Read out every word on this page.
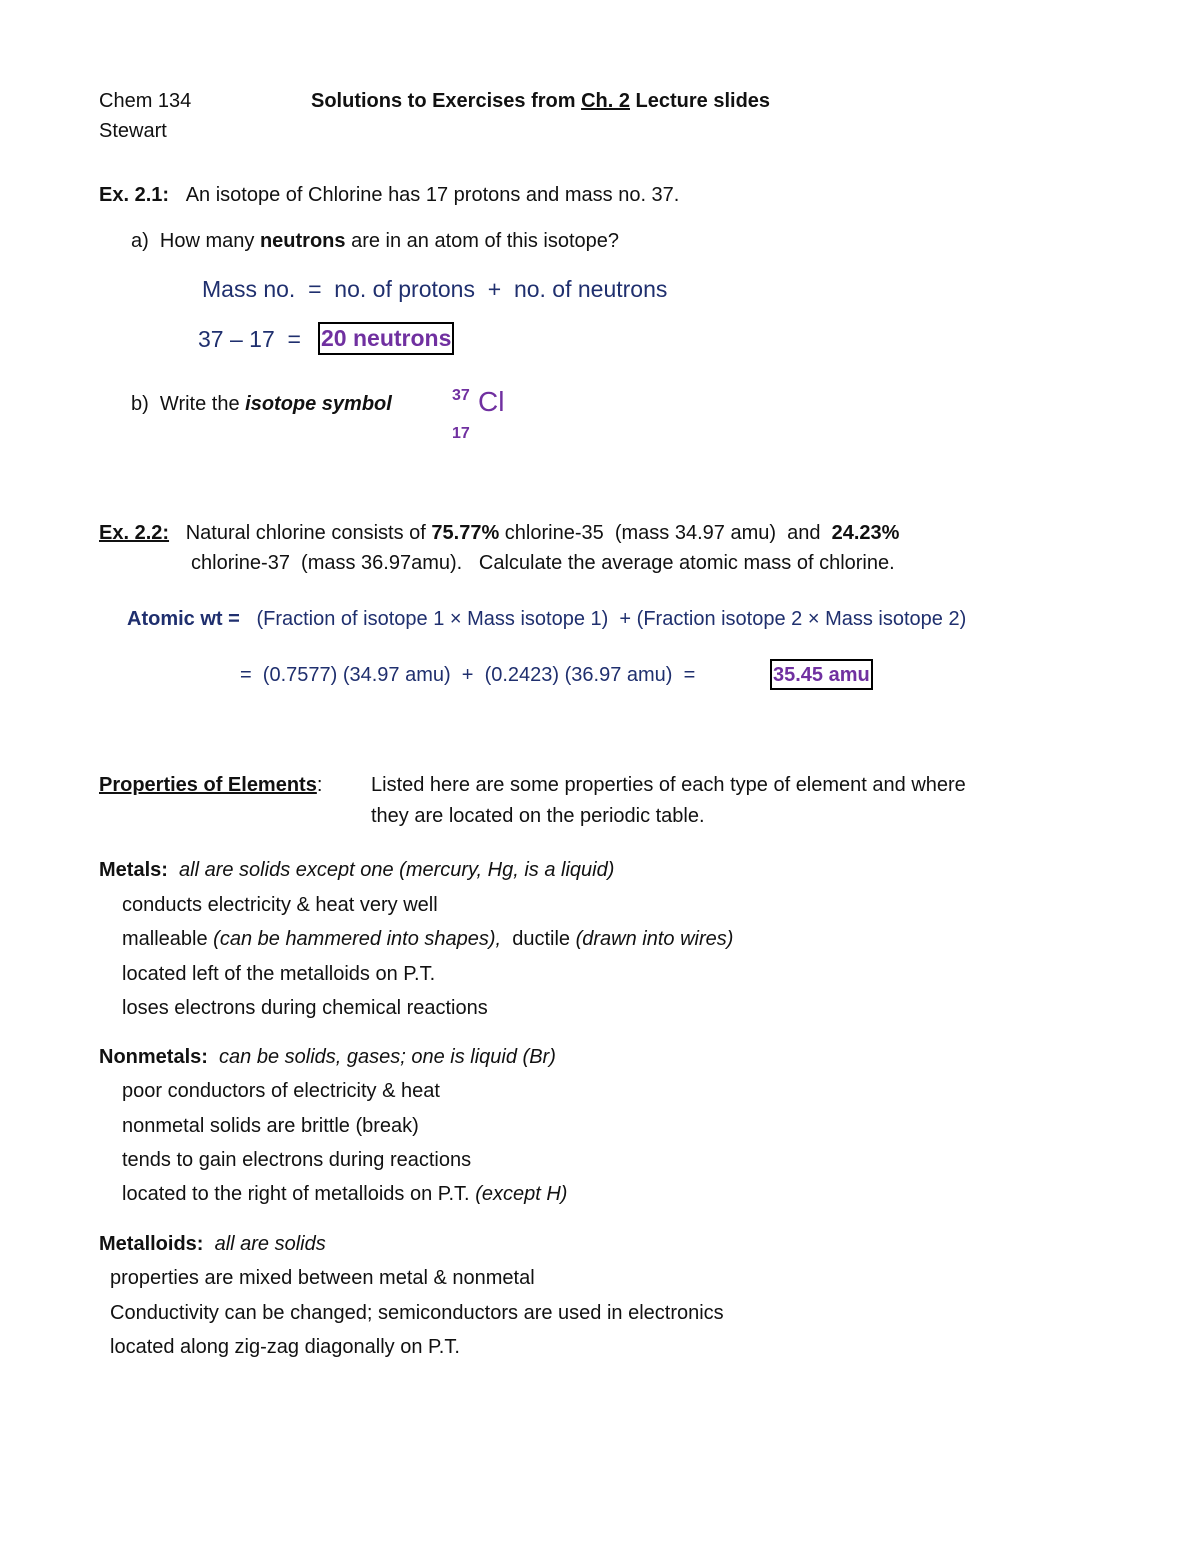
Chem 134	Solutions to Exercises from Ch. 2 Lecture slides
Stewart
Ex. 2.1: An isotope of Chlorine has 17 protons and mass no. 37.
a) How many neutrons are in an atom of this isotope?
Mass no.  =  no. of protons  +  no. of neutrons
37 – 17  = 20 neutrons
b) Write the isotope symbol	37 Cl
17
Ex. 2.2: Natural chlorine consists of 75.77% chlorine-35  (mass 34.97 amu)  and  24.23%
chlorine-37  (mass 36.97amu).   Calculate the average atomic mass of chlorine.
Atomic wt = (Fraction of isotope 1 × Mass isotope 1)  + (Fraction isotope 2 × Mass isotope 2)
=  (0.7577) (34.97 amu)  +  (0.2423) (36.97 amu)  =	35.45 amu
Properties of Elements: Listed here are some properties of each type of element and where
they are located on the periodic table.
Metals: all are solids except one (mercury, Hg, is a liquid)
conducts electricity & heat very well
malleable (can be hammered into shapes),  ductile (drawn into wires)
located left of the metalloids on P.T.
loses electrons during chemical reactions
Nonmetals: can be solids, gases; one is liquid (Br)
poor conductors of electricity & heat
nonmetal solids are brittle (break)
tends to gain electrons during reactions
located to the right of metalloids on P.T. (except H)
Metalloids: all are solids
properties are mixed between metal & nonmetal
Conductivity can be changed; semiconductors are used in electronics
located along zig-zag diagonally on P.T.
